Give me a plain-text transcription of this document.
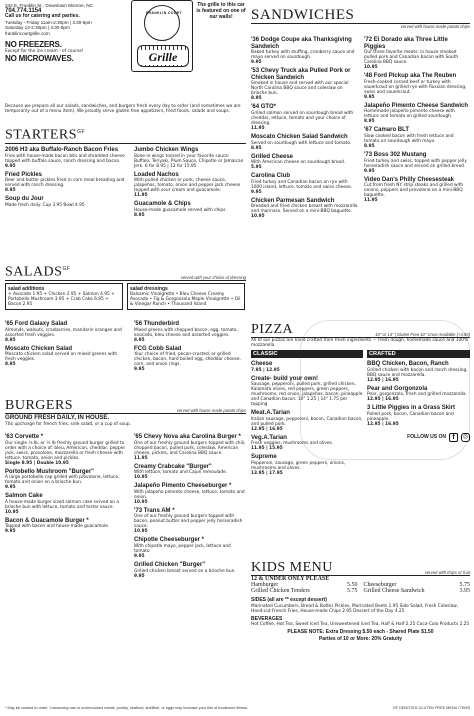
FRANKLIN COURT
Grille
The grille to this car is featured on one of our walls!
232 E. Franklin St., Downtown Monroe, NC
704.774.1154
Call us for catering and parties.
Tuesday - Friday 11am-2:30pm | 4:30-8pm
Saturday 12-2:30pm | 4:30-8pm
franklincourtgrille.com
NO FREEZERS.
Except for the ice cream - of course!
NO MICROWAVES.
Because we prepare all our salads, sandwiches, and burgers fresh every day to order (and sometimes we are temporarily out of a menu item). We proudly serve gluten free appetizers, fried foods, salads and soups.
$STARTERS^{GF}$
2006 H3 aka Buffalo-Ranch Bacon Fries
Fries with house-made bacon bits and shredded cheese topped with buffalo sauce, ranch dressing and bacon.
9.95
Fried Pickles
Beer and butter pickles fried in corn meal breading and served with ranch dressing.
8.95
Soup du Jour
Made fresh daily. Cup 3.95 Bowl 4.95
Jumbo Chicken Wings
Bone-in wings tossed in your favorite sauce: Buffalo, Teriyaki, Plum Sauce, Chipotle or Jamaican Jerk. 6 for 8.95 | 12 for 15.95
Loaded Nachos
With pulled chicken or pork, cheese sauce, jalapeños, tomato, onion and pepper jack cheese topped with sour cream and guacamole.
11.95
Guacamole & Chips
House-made guacamole served with chips.
8.95
$SALADS^{GF}$
served with your choice of dressing
salad additions
+ Avocado 1.95 + Chicken 2.95 + Salmon 4.95 + Portobello Mushroom 3.95 + Crab Cake 6.95 + Bacon 2.95
salad dressings
Balsamic Vinaigrette • Bleu Cheese Creamy Avocado • Fig & Gorgonzola Maple Vinaigrette • Oil & Vinegar Ranch • Thousand Island
'65 Ford Galaxy Salad
Almonds, walnuts, cranberries, mandarin oranges and assorted fresh veggies.
8.95
Moscato Chicken Salad
Moscato chicken salad served on mixed greens with fresh veggies.
8.95
'56 Thunderbird
Mixed greens with chopped bacon, egg, tomato, avocado, bleu cheese and assorted veggies.
8.95
FCG Cobb Salad
Your choice of fried, pecan-crusted, or grilled chicken, bacon, hard boiled egg, cheddar cheese, corn, and onion rings.
9.95
BURGERS	served with house made potato chips
GROUND FRESH DAILY, IN HOUSE.
70¢ upcharge for french fries, side salad, or a cup of soup.
'63 Corvette *
Our single ¼ lb. or ½ lb freshly ground burger grilled to order with a choice of: bleu, American, cheddar, pepper jack, swiss, provolone, mozzarella or fresh cheese with lettuce, tomato, onion and pickles.
Single 8.95 | Double 10.95
Portobello Mushroom "Burger"
A large portobello cap grilled with provolone, lettuce, tomato and onion on a brioche bun.
9.95
Salmon Cake
A house-made burger sized salmon cake served on a brioche bun with lettuce, tomato and tartar sauce.
10.95
Bacon & Guacamole Burger *
Topped with bacon and house-made guacamole.
9.95
'65 Chevy Nova aka Carolina Burger *
One of our freshly ground burgers topped with chili, chopped bacon, pulled pork, coleslaw, American cheese, pickles, and Carolina BBQ sauce.
11.95
Creamy Crabcake "Burger"
With lettuce, tomato and Cajun remoulade.
10.95
Jalapeño Pimento Cheeseburger *
With jalapeño pimento cheese, lettuce, tomato and onion.
10.95
'73 Trans AM *
One of our freshly ground burgers topped with bacon, peanut butter and pepper jelly horseradish sauce.
10.95
Chipotle Cheeseburger *
With chipotle mayo, pepper jack, lettuce and tomato.
9.95
Grilled Chicken "Burger"
Grilled chicken breast served on a brioche bun.
9.95
SANDWICHES
served with house made potato chips
'36 Dodge Coupe aka Thanksgiving Sandwich
Baked turkey with stuffing, cranberry sauce and mayo served on sourdough.
9.95
'53 Chevy Truck aka Pulled Pork or Chicken Sandwich
Smoked in house and served with our special North Carolina BBQ sauce and coleslaw on brioche bun.
8.95
'64 GTO*
Grilled salmon served on sourdough bread with cheddar, lettuce, tomato and your choice of dressing.
11.95
Moscato Chicken Salad Sandwich
Served on sourdough with lettuce and tomato.
8.95
Grilled Cheese
With American cheese on sourdough bread.
5.95
Carolina Club
Fried turkey and Canadian bacon on rye with 1000 island, lettuce, tomato and swiss cheese.
9.95
Chicken Parmesan Sandwich
Breaded and fried chicken breast with mozzarella and marinara. Served on a mini-BBQ baguette.
10.95
'72 El Dorado aka Three Little Piggies
Our three favorite meats: in house smoked pulled pork and Canadian bacon with South Carolina BBQ sauce.
10.95
'48 Ford Pickup aka The Reuben
Fresh-cooked corned beef or turkey with sauerkraut on grilled rye with Russian dressing, swiss and sauerkraut.
9.95
Jalapeño Pimento Cheese Sandwich
Homemade jalapeño pimento cheese with lettuce and tomato on grilled sourdough.
8.95
'67 Camaro BLT
Slow cooked bacon with fresh lettuce and tomato on sourdough with mayo.
8.95
'73 Boss 302 Mustang
Fried turkey and swiss, topped with pepper jelly horseradish sauce and served on grilled bread.
9.95
Video Dan's Philly Cheesesteak
Cut from fresh NY strip steaks and grilled with onions, peppers and provolone on a mini-BBQ baguette.
11.95
PIZZA	10" or 14" | Gluten Free 10" Crust Available (+3.50)
All of our pizzas are hand crafted from fresh ingredients — fresh dough, homemade sauce and 100% mozzarella.
CLASSIC
Cheese
7.95 | 12.95
Create- build your own!
Sausage, pepperoni, pulled pork, grilled chicken, Kalamata olives, red peppers, green peppers, mushrooms, red onion, jalapeños, bacon, pineapple and Canadian bacon. 10" 1.25 | 14" 1.75 per topping
Meat.A.Tarian
Italian sausage, pepperoni, bacon, Canadian bacon, and pulled pork.
12.95 | 16.95
Veg.A.Tarian
Fresh veggies, mushrooms and olives.
11.95 | 15.95
Supreme
Pepperoni, sausage, green peppers, onions, mushrooms and olives.
13.95 | 17.95
CRAFTED
BBQ Chicken, Bacon, Ranch
Grilled chicken with bacon and ranch dressing, BBQ sauce and mozzarella.
12.95 | 16.95
Pear and Gorgonzola
Pear, gorgonzola, fresh and grilled mozzarella.
12.95 | 16.95
3 Little Piggies in a Grass Skirt
Pulled pork, bacon, Canadian bacon and pineapple.
12.95 | 16.95
FOLLOW US ON f	◎
KIDS MENU	served with chips or fruit
12 & UNDER ONLY PLEASE
Hamburger	5.50 Cheeseburger	5.75
Grilled Chicken Tenders	5.75 Grilled Cheese Sandwich	3.95
SIDES (all are ** except dessert)
Marinated Cucumbers, Bread & Butter Pickles, Marinated Beets 1.95 Side Salad, Fresh Coleslaw, Hand-cut French Fries, House-made Chips 2.95 Dessert of the Day 4.25
BEVERAGES
Hot Coffee, Hot Tea, Sweet Iced Tea, Unsweetened Iced Tea, Half & Half 2.25 Coca-Cola Products 2.25
PLEASE NOTE: Extra Dressing $.50 each - Shared Plate $1.50
Parties of 10 or More: 20% Gratuity
* May be cooked to order. Consuming raw or undercooked meats, poultry, seafood, shellfish, or eggs may increase your risk of foodborne illness.	GF DENOTES GLUTEN FREE MENU ITEMS
